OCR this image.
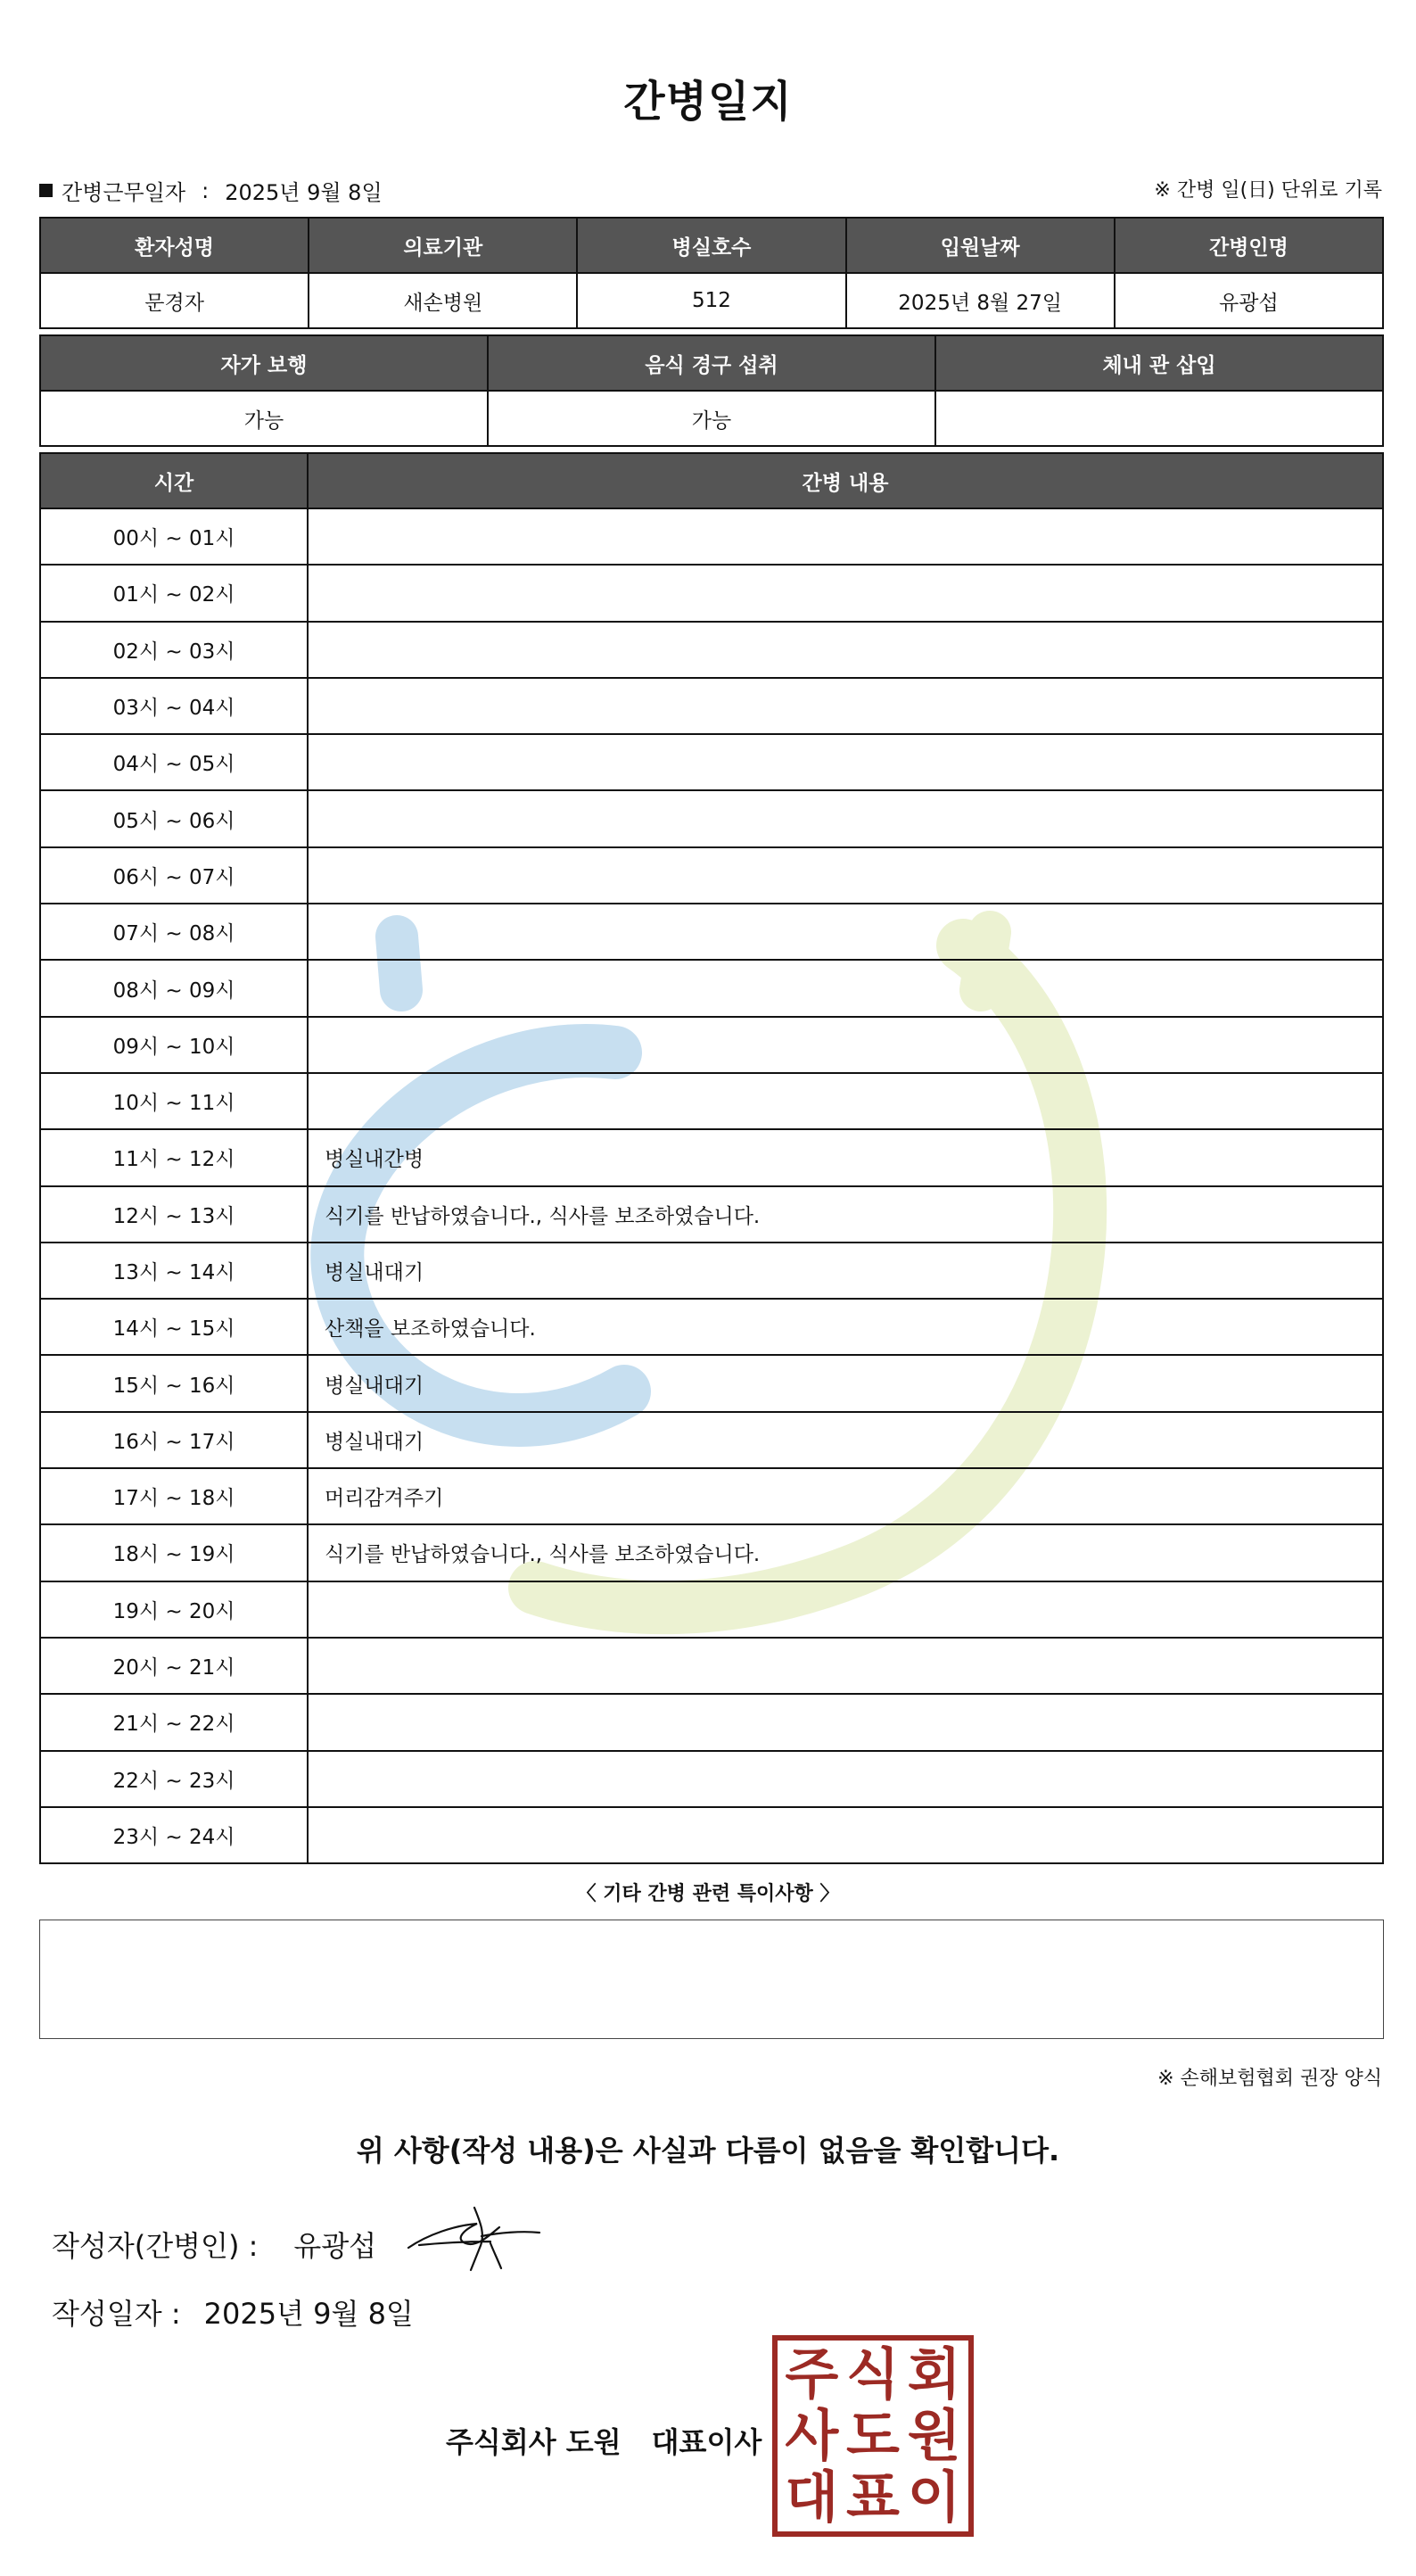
간병일지
간병근무일자 : 2025년 9월 8일	※ 간병 일(日) 단위로 기록
환자성명	의료기관	병실호수	입원날짜	간병인명
문경자	새손병원	512	2025년 8월 27일	유광섭
자가 보행	음식 경구 섭취	체내 관 삽입
가능	가능	
시간	간병 내용
00시 ~ 01시	
01시 ~ 02시	
02시 ~ 03시	
03시 ~ 04시	
04시 ~ 05시	
05시 ~ 06시	
06시 ~ 07시	
07시 ~ 08시	
08시 ~ 09시	
09시 ~ 10시	
10시 ~ 11시	
11시 ~ 12시	병실내간병
12시 ~ 13시	식기를 반납하였습니다., 식사를 보조하였습니다.
13시 ~ 14시	병실내대기
14시 ~ 15시	산책을 보조하였습니다.
15시 ~ 16시	병실내대기
16시 ~ 17시	병실내대기
17시 ~ 18시	머리감겨주기
18시 ~ 19시	식기를 반납하였습니다., 식사를 보조하였습니다.
19시 ~ 20시	
20시 ~ 21시	
21시 ~ 22시	
22시 ~ 23시	
23시 ~ 24시	
〈 기타 간병 관련 특이사항 〉
※ 손해보험협회 권장 양식
위 사항(작성 내용)은 사실과 다름이 없음을 확인합니다.
작성자(간병인) : 유광섭
작성일자 : 2025년 9월 8일
주식회사 도원 대표이사
주 식 회
사 도 원
대 표 이
